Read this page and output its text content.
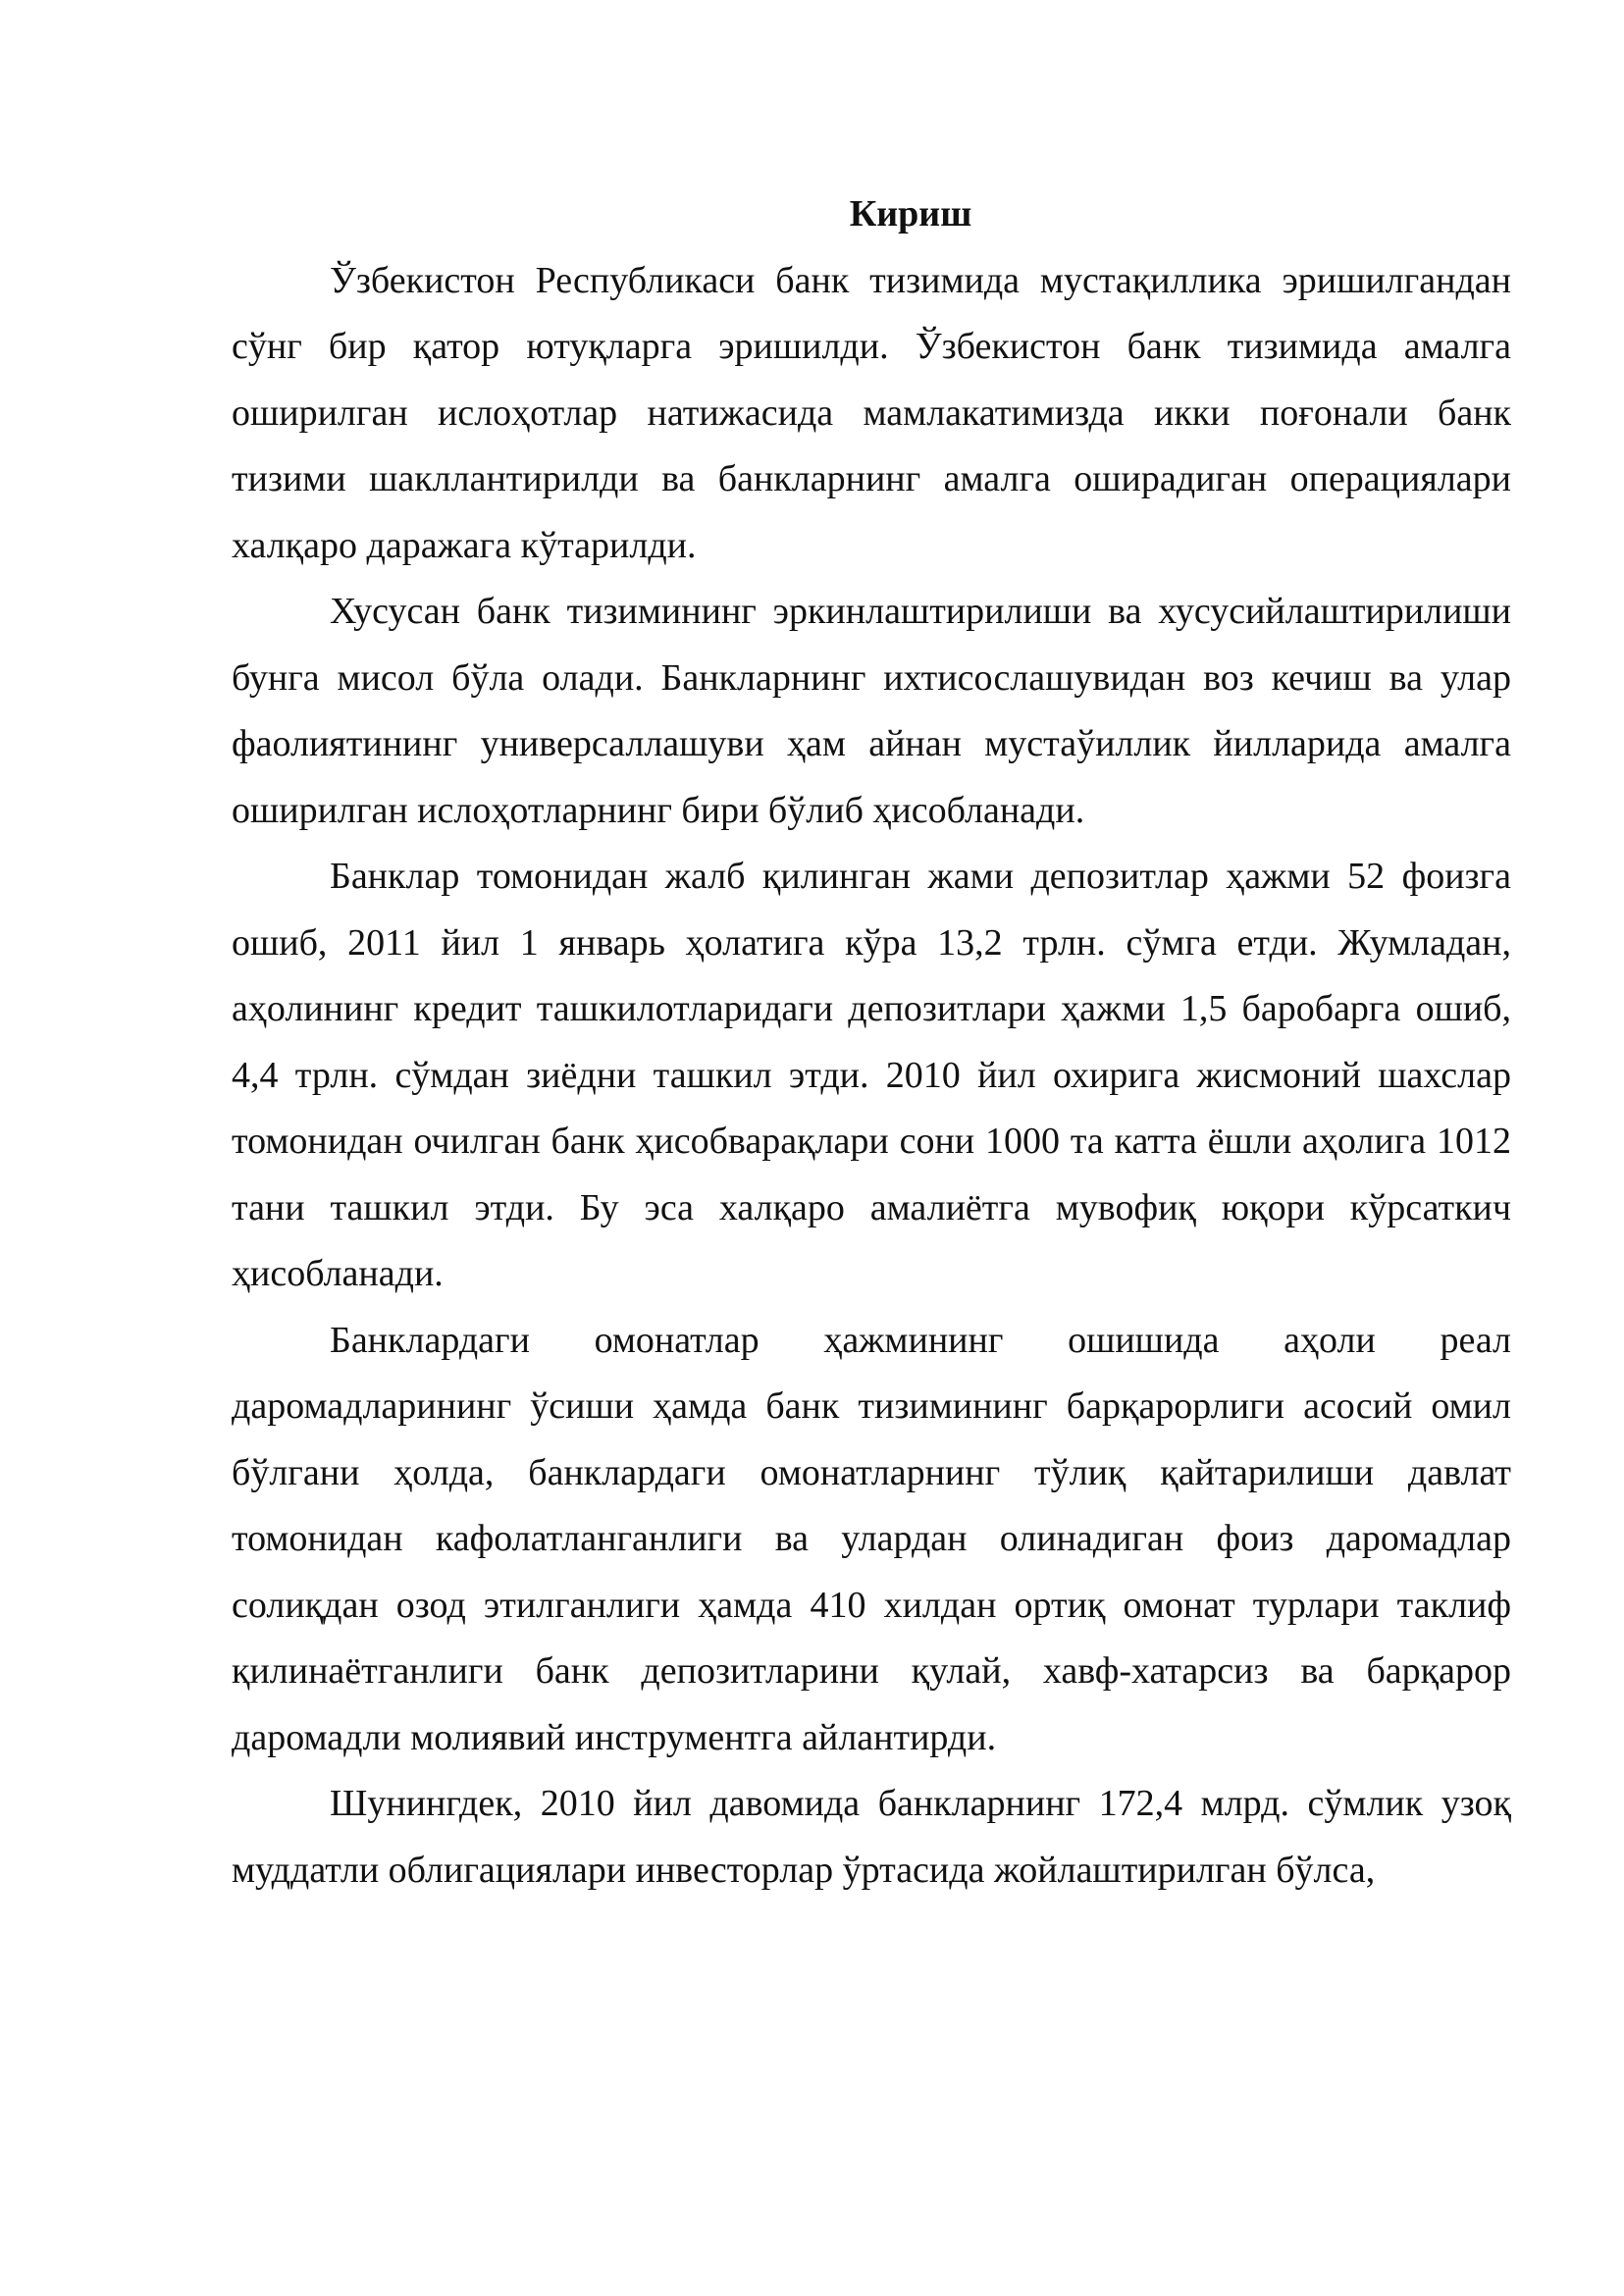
Кириш

Ўзбекистон Республикаси банк тизимида мустақиллика эришилгандан сўнг бир қатор ютуқларга эришилди. Ўзбекистон банк тизимида амалга оширилган ислоҳотлар натижасида мамлакатимизда икки поғонали банк тизими шакллантирилди ва банкларнинг амалга оширадиган операциялари халқаро даражага кўтарилди.

Хусусан банк тизимининг эркинлаштирилиши ва хусусийлаштирилиши бунга мисол бўла олади. Банкларнинг ихтисослашувидан воз кечиш ва улар фаолиятининг универсаллашуви ҳам айнан мустаўиллик йилларида амалга оширилган ислоҳотларнинг бири бўлиб ҳисобланади.

Банклар томонидан жалб қилинган жами депозитлар ҳажми 52 фоизга ошиб, 2011 йил 1 январь ҳолатига кўра 13,2 трлн. сўмга етди. Жумладан, аҳолининг кредит ташкилотларидаги депозитлари ҳажми 1,5 баробарга ошиб, 4,4 трлн. сўмдан зиёдни ташкил этди. 2010 йил охирига жисмоний шахслар томонидан очилган банк ҳисобварақлари сони 1000 та катта ёшли аҳолига 1012 тани ташкил этди. Бу эса халқаро амалиётга мувофиқ юқори кўрсаткич ҳисобланади.

Банклардаги омонатлар ҳажмининг ошишида аҳоли реал даромадларининг ўсиши ҳамда банк тизимининг барқарорлиги асосий омил бўлгани ҳолда, банклардаги омонатларнинг тўлиқ қайтарилиши давлат томонидан кафолатланганлиги ва улардан олинадиган фоиз даромадлар солиқдан озод этилганлиги ҳамда 410 хилдан ортиқ омонат турлари таклиф қилинаётганлиги банк депозитларини қулай, хавф-хатарсиз ва барқарор даромадли молиявий инструментга айлантирди.

Шунингдек, 2010 йил давомида банкларнинг 172,4 млрд. сўмлик узоқ муддатли облигациялари инвесторлар ўртасида жойлаштирилган бўлса,
